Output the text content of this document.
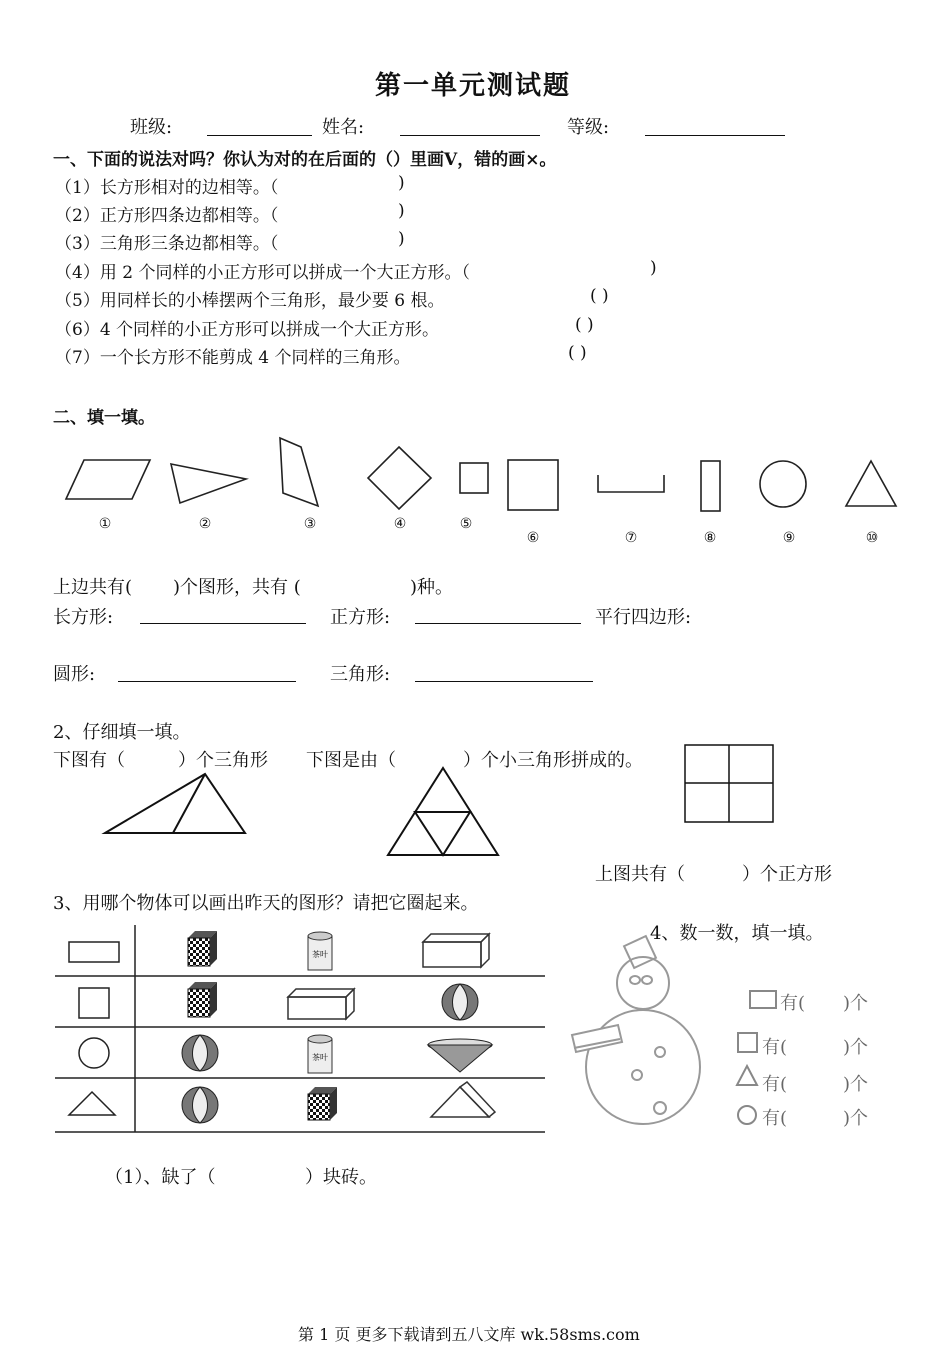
第一单元测试题
班级:	姓名:	等级:
一、下面的说法对吗？你认为对的在后面的（）里画V，错的画×。
（1）长方形相对的边相等。（	)
（2）正方形四条边都相等。（	)
（3）三角形三条边都相等。（	)
（4）用 2 个同样的小正方形可以拼成一个大正方形。（	)
（5）用同样长的小棒摆两个三角形，最少要 6 根。	( )
（6）4 个同样的小正方形可以拼成一个大正方形。	( )
（7）一个长方形不能剪成 4 个同样的三角形。	( )
二、填一填。
①	②	③	④	⑤
⑥	⑦	⑧	⑨	⑩
上边共有( )个图形，共有 (	)种。
长方形:	正方形:	平行四边形:
圆形:	三角形:
2、仔细填一填。
下图有（	）个三角形 下图是由（	）个小三角形拼成的。
上图共有（	）个正方形
3、用哪个物体可以画出昨天的图形？请把它圈起来。
茶叶
茶叶
4、数一数，填一填。
有( )个
有(	)个
有(	)个
有(	)个
（1）、缺了（	）块砖。
第 1 页 更多下载请到五八文库 wk.58sms.com
